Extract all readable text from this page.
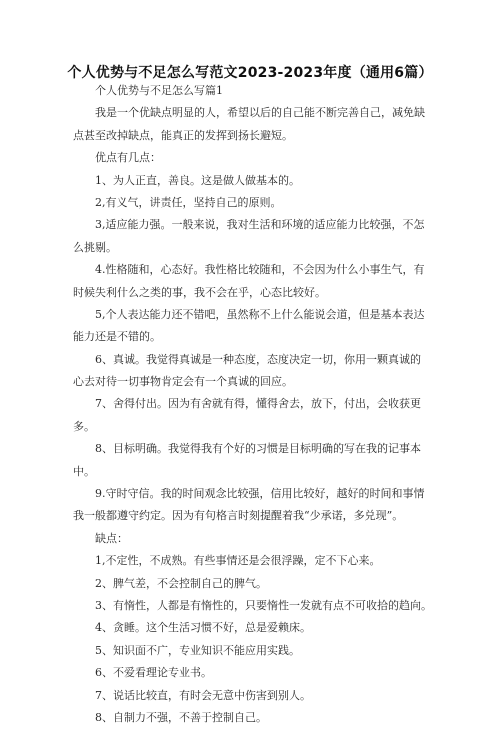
个人优势与不足怎么写范文2023-2023年度（通用6篇）
个人优势与不足怎么写篇1
我是一个优缺点明显的人，希望以后的自己能不断完善自己，减免缺
点甚至改掉缺点，能真正的发挥到扬长避短。
优点有几点：
1、为人正直，善良。这是做人做基本的。
2,有义气，讲责任，坚持自己的原则。
3,适应能力强。一般来说，我对生活和环境的适应能力比较强，不怎
么挑剔。
4.性格随和，心态好。我性格比较随和，不会因为什么小事生气，有
时候失利什么之类的事，我不会在乎，心态比较好。
5,个人表达能力还不错吧，虽然称不上什么能说会道，但是基本表达
能力还是不错的。
6、真诚。我觉得真诚是一种态度，态度决定一切，你用一颗真诚的
心去对待一切事物肯定会有一个真诚的回应。
7、舍得付出。因为有舍就有得，懂得舍去，放下，付出，会收获更
多。
8、目标明确。我觉得我有个好的习惯是目标明确的写在我的记事本
中。
9.守时守信。我的时间观念比较强，信用比较好，越好的时间和事情
我一般都遵守约定。因为有句格言时刻提醒着我“少承诺，多兑现”。
缺点：
1,不定性，不成熟。有些事情还是会很浮躁，定不下心来。
2、脾气差，不会控制自己的脾气。
3、有惰性，人都是有惰性的，只要惰性一发就有点不可收拾的趋向。
4、贪睡。这个生活习惯不好，总是爱赖床。
5、知识面不广，专业知识不能应用实践。
6、不爱看理论专业书。
7、说话比较直，有时会无意中伤害到别人。
8、自制力不强，不善于控制自己。
